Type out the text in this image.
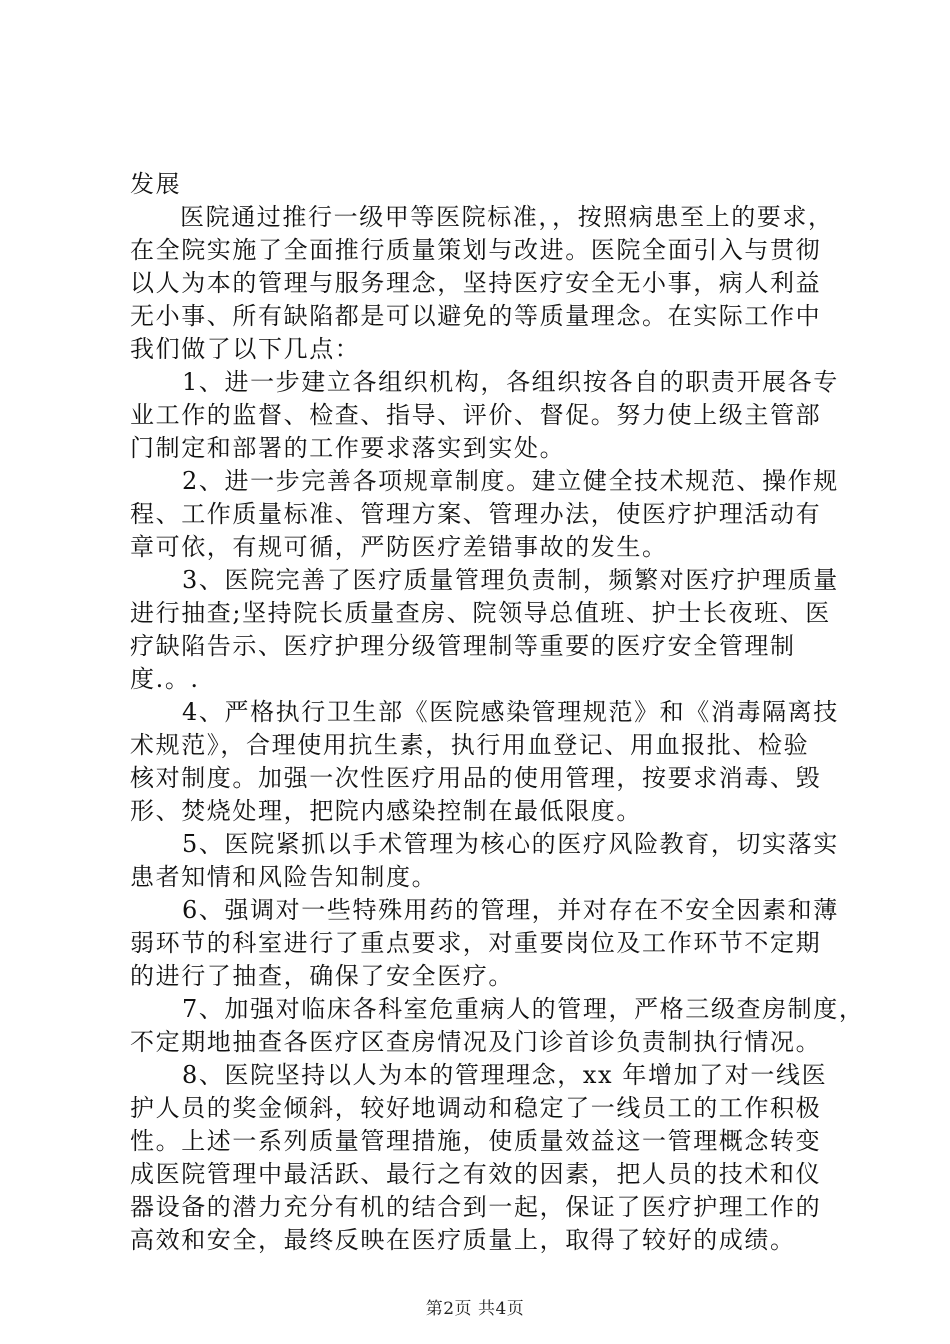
发展
医院通过推行一级甲等医院标准，，按照病患至上的要求，
在全院实施了全面推行质量策划与改进。医院全面引入与贯彻
以人为本的管理与服务理念，坚持医疗安全无小事，病人利益
无小事、所有缺陷都是可以避免的等质量理念。在实际工作中
我们做了以下几点：
1、进一步建立各组织机构，各组织按各自的职责开展各专
业工作的监督、检查、指导、评价、督促。努力使上级主管部
门制定和部署的工作要求落实到实处。
2、进一步完善各项规章制度。建立健全技术规范、操作规
程、工作质量标准、管理方案、管理办法，使医疗护理活动有
章可依，有规可循，严防医疗差错事故的发生。
3、医院完善了医疗质量管理负责制，频繁对医疗护理质量
进行抽查;坚持院长质量查房、院领导总值班、护士长夜班、医
疗缺陷告示、医疗护理分级管理制等重要的医疗安全管理制
度.。.
4、严格执行卫生部《医院感染管理规范》和《消毒隔离技
术规范》，合理使用抗生素，执行用血登记、用血报批、检验
核对制度。加强一次性医疗用品的使用管理，按要求消毒、毁
形、焚烧处理，把院内感染控制在最低限度。
5、医院紧抓以手术管理为核心的医疗风险教育，切实落实
患者知情和风险告知制度。
6、强调对一些特殊用药的管理，并对存在不安全因素和薄
弱环节的科室进行了重点要求，对重要岗位及工作环节不定期
的进行了抽查，确保了安全医疗。
7、加强对临床各科室危重病人的管理，严格三级查房制度，
不定期地抽查各医疗区查房情况及门诊首诊负责制执行情况。
8、医院坚持以人为本的管理理念，xx 年增加了对一线医
护人员的奖金倾斜，较好地调动和稳定了一线员工的工作积极
性。上述一系列质量管理措施，使质量效益这一管理概念转变
成医院管理中最活跃、最行之有效的因素，把人员的技术和仪
器设备的潜力充分有机的结合到一起，保证了医疗护理工作的
高效和安全，最终反映在医疗质量上，取得了较好的成绩。
第2页 共4页
